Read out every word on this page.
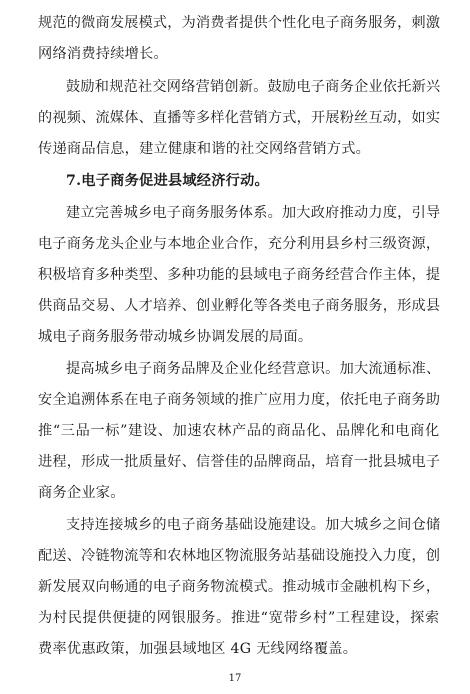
规范的微商发展模式，为消费者提供个性化电子商务服务，刺激
网络消费持续增长。
鼓励和规范社交网络营销创新。鼓励电子商务企业依托新兴
的视频、流媒体、直播等多样化营销方式，开展粉丝互动，如实
传递商品信息，建立健康和谐的社交网络营销方式。
7.电子商务促进县域经济行动。
建立完善城乡电子商务服务体系。加大政府推动力度，引导
电子商务龙头企业与本地企业合作，充分利用县乡村三级资源，
积极培育多种类型、多种功能的县域电子商务经营合作主体，提
供商品交易、人才培养、创业孵化等各类电子商务服务，形成县
城电子商务服务带动城乡协调发展的局面。
提高城乡电子商务品牌及企业化经营意识。加大流通标准、
安全追溯体系在电子商务领域的推广应用力度，依托电子商务助
推“三品一标”建设、加速农林产品的商品化、品牌化和电商化
进程，形成一批质量好、信誉佳的品牌商品，培育一批县城电子
商务企业家。
支持连接城乡的电子商务基础设施建设。加大城乡之间仓储
配送、冷链物流等和农林地区物流服务站基础设施投入力度，创
新发展双向畅通的电子商务物流模式。推动城市金融机构下乡，
为村民提供便捷的网银服务。推进“宽带乡村”工程建设，探索
费率优惠政策，加强县域地区 4G 无线网络覆盖。
17
